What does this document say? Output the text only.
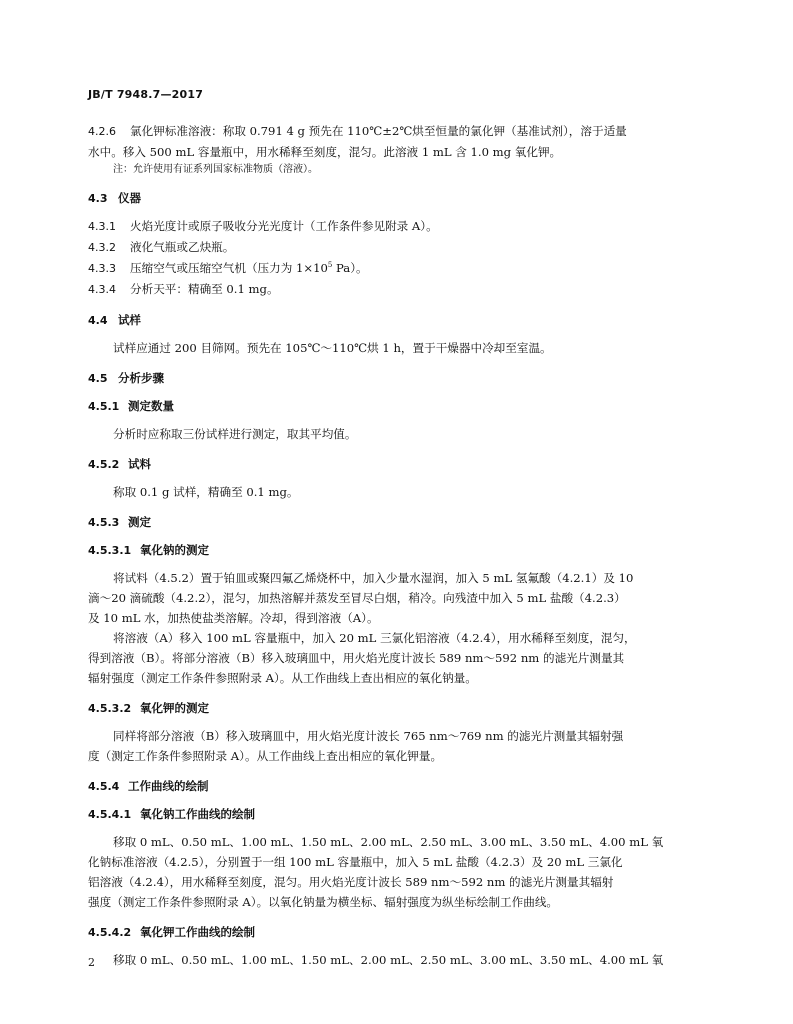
JB/T 7948.7—2017

4.2.6 氯化钾标准溶液：称取 0.791 4 g 预先在 110℃±2℃烘至恒量的氯化钾（基准试剂），溶于适量

水中。移入 500 mL 容量瓶中，用水稀释至刻度，混匀。此溶液 1 mL 含 1.0 mg 氧化钾。

注：允许使用有证系列国家标准物质（溶液）。

4.3 仪器

4.3.1 火焰光度计或原子吸收分光光度计（工作条件参见附录 A）。

4.3.2 液化气瓶或乙炔瓶。

4.3.3 压缩空气或压缩空气机（压力为 $1\times 10^5$ Pa）。

4.3.4 分析天平：精确至 0.1 mg。

4.4 试样

试样应通过 200 目筛网。预先在 105℃～110℃烘 1 h，置于干燥器中冷却至室温。

4.5 分析步骤

4.5.1 测定数量

分析时应称取三份试样进行测定，取其平均值。

4.5.2 试料

称取 0.1 g 试样，精确至 0.1 mg。

4.5.3 测定

4.5.3.1 氧化钠的测定

将试料（4.5.2）置于铂皿或聚四氟乙烯烧杯中，加入少量水湿润，加入 5 mL 氢氟酸（4.2.1）及 10

滴～20 滴硫酸（4.2.2），混匀，加热溶解并蒸发至冒尽白烟，稍冷。向残渣中加入 5 mL 盐酸（4.2.3）

及 10 mL 水，加热使盐类溶解。冷却，得到溶液（A）。

将溶液（A）移入 100 mL 容量瓶中，加入 20 mL 三氯化铝溶液（4.2.4），用水稀释至刻度，混匀，

得到溶液（B）。将部分溶液（B）移入玻璃皿中，用火焰光度计波长 589 nm～592 nm 的滤光片测量其

辐射强度（测定工作条件参照附录 A）。从工作曲线上查出相应的氧化钠量。

4.5.3.2 氧化钾的测定

同样将部分溶液（B）移入玻璃皿中，用火焰光度计波长 765 nm～769 nm 的滤光片测量其辐射强

度（测定工作条件参照附录 A）。从工作曲线上查出相应的氧化钾量。

4.5.4 工作曲线的绘制

4.5.4.1 氧化钠工作曲线的绘制

移取 0 mL、0.50 mL、1.00 mL、1.50 mL、2.00 mL、2.50 mL、3.00 mL、3.50 mL、4.00 mL 氧

化钠标准溶液（4.2.5），分别置于一组 100 mL 容量瓶中，加入 5 mL 盐酸（4.2.3）及 20 mL 三氯化

铝溶液（4.2.4），用水稀释至刻度，混匀。用火焰光度计波长 589 nm～592 nm 的滤光片测量其辐射

强度（测定工作条件参照附录 A）。以氧化钠量为横坐标、辐射强度为纵坐标绘制工作曲线。

4.5.4.2 氧化钾工作曲线的绘制

移取 0 mL、0.50 mL、1.00 mL、1.50 mL、2.00 mL、2.50 mL、3.00 mL、3.50 mL、4.00 mL 氧

2
